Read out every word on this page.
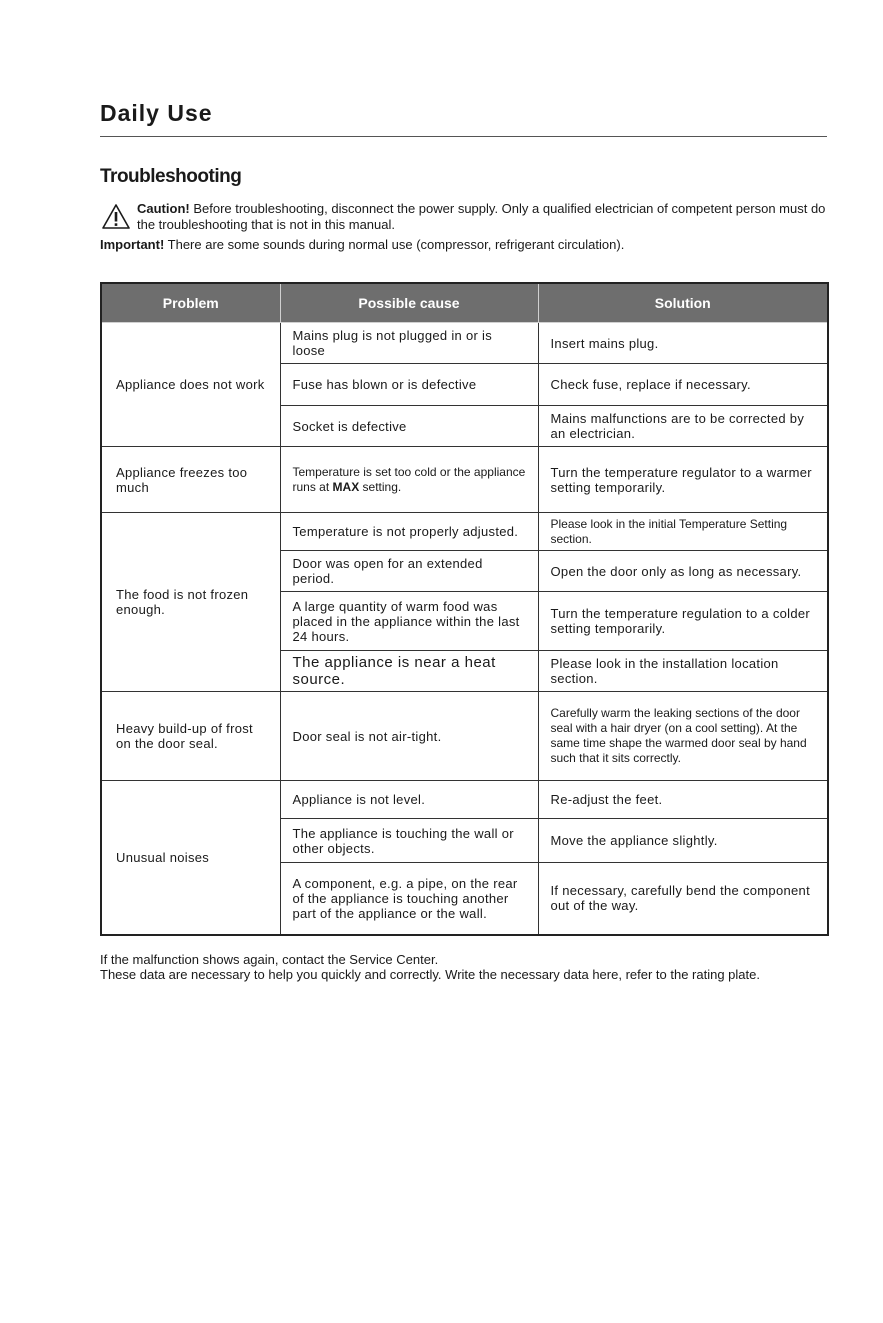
Daily Use
Troubleshooting
Caution! Before troubleshooting, disconnect the power supply. Only a qualified electrician of competent person must do the troubleshooting that is not in this manual.
Important! There are some sounds during normal use (compressor, refrigerant circulation).
Problem	Possible cause	Solution
Appliance does not work	Mains plug is not plugged in or is loose	Insert mains plug.
	Fuse has blown or is defective	Check fuse, replace if necessary.
	Socket is defective	Mains malfunctions are to be corrected by an electrician.
Appliance freezes too much	Temperature is set too cold or the appliance runs at MAX setting.	Turn the temperature regulator to a warmer setting temporarily.
The food is not frozen enough.	Temperature is not properly adjusted.	Please look in the initial Temperature Setting section.
	Door was open for an extended period.	Open the door only as long as necessary.
	A large quantity of warm food was placed in the appliance within the last 24 hours.	Turn the temperature regulation to a colder setting temporarily.
	The appliance is near a heat source.	Please look in the installation location section.
Heavy build-up of frost on the door seal.	Door seal is not air-tight.	Carefully warm the leaking sections of the door seal with a hair dryer (on a cool setting). At the same time shape the warmed door seal by hand such that it sits correctly.
Unusual noises	Appliance is not level.	Re-adjust the feet.
	The appliance is touching the wall or other objects.	Move the appliance slightly.
	A component, e.g. a pipe, on the rear of the appliance is touching another part of the appliance or the wall.	If necessary, carefully bend the component out of the way.
If the malfunction shows again, contact the Service Center.
These data are necessary to help you quickly and correctly. Write the necessary data here, refer to the rating plate.
